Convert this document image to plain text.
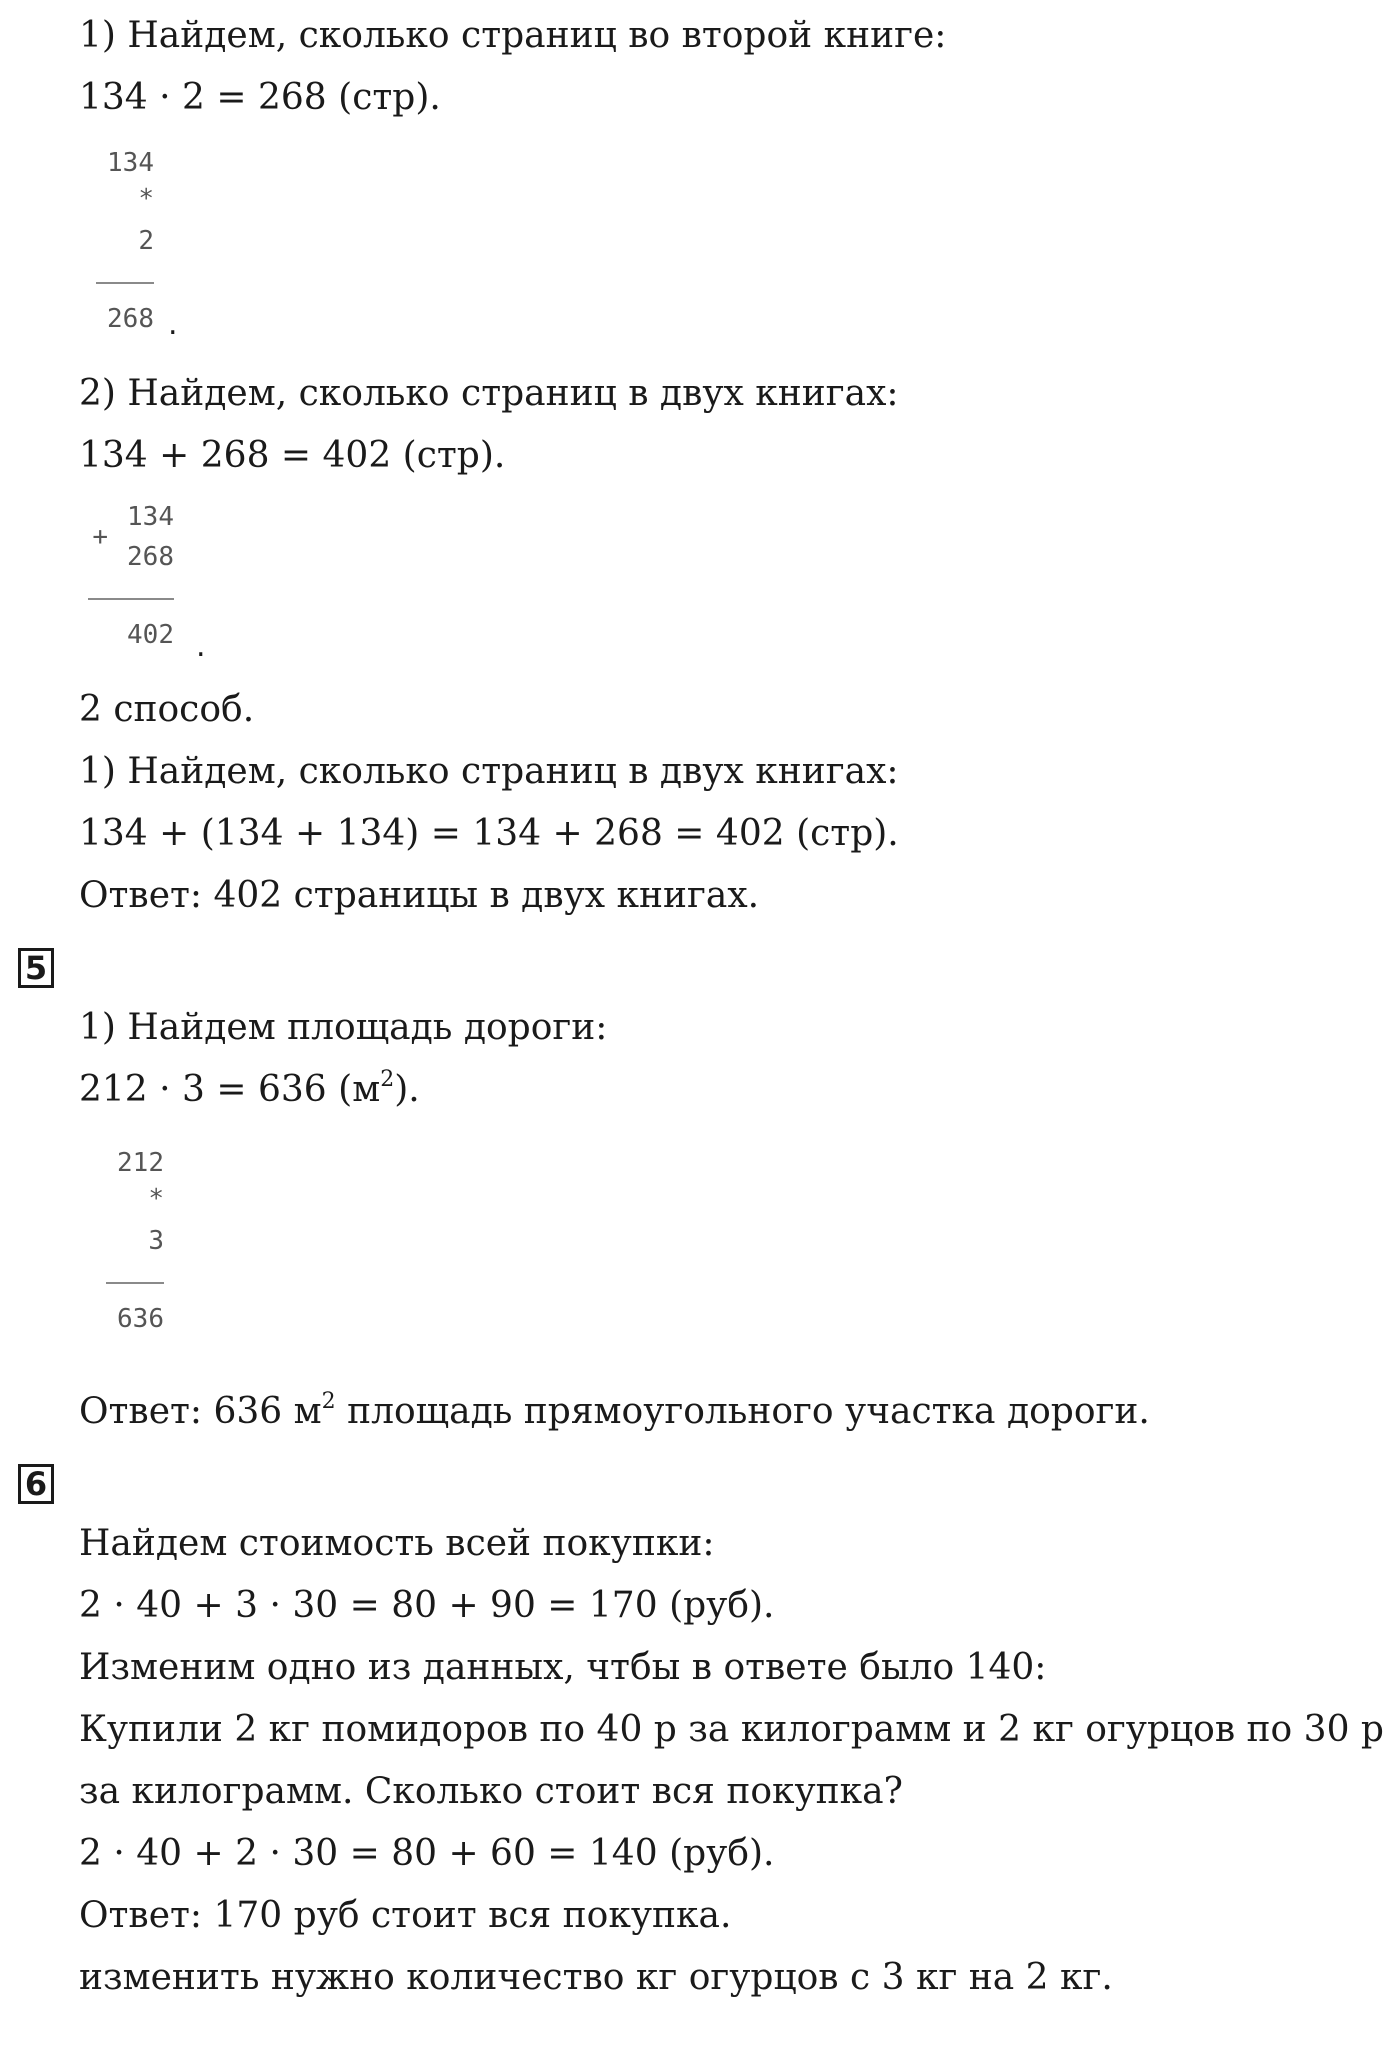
1) Найдем, сколько страниц во второй книге:
134 · 2 = 268 (стр).
134
*
2
268 .
2) Найдем, сколько страниц в двух книгах:
134 + 268 = 402 (стр).
+
134
268
402 .
2 способ.
1) Найдем, сколько страниц в двух книгах:
134 + (134 + 134) = 134 + 268 = 402 (стр).
Ответ: 402 страницы в двух книгах.
5
1) Найдем площадь дороги:
212 · 3 = 636 $(м^2)$.
212
*
3
636
Ответ: 636 $м^2$ площадь прямоугольного участка дороги.
6
Найдем стоимость всей покупки:
2 · 40 + 3 · 30 = 80 + 90 = 170 (руб).
Изменим одно из данных, чтбы в ответе было 140:
Купили 2 кг помидоров по 40 р за килограмм и 2 кг огурцов по 30 р
за килограмм. Сколько стоит вся покупка?
2 · 40 + 2 · 30 = 80 + 60 = 140 (руб).
Ответ: 170 руб стоит вся покупка.
изменить нужно количество кг огурцов с 3 кг на 2 кг.
